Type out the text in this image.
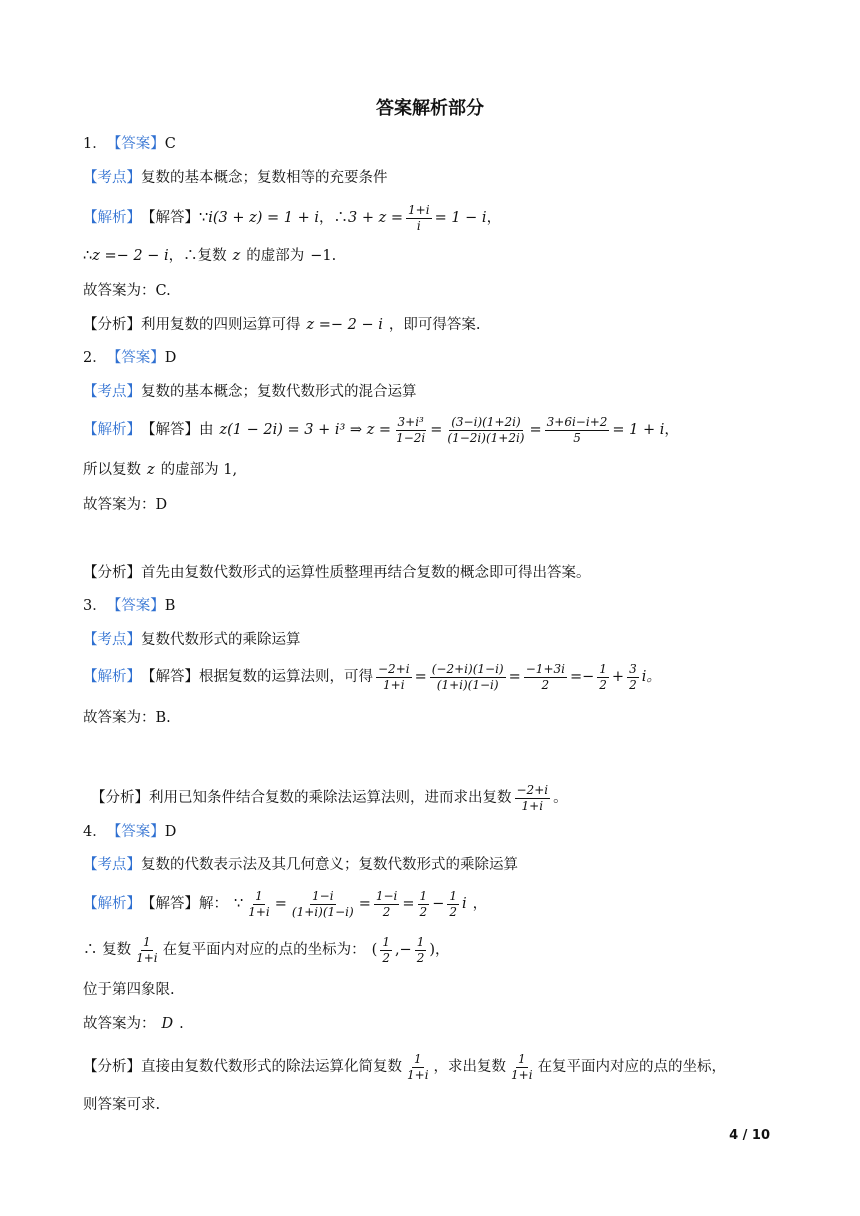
答案解析部分
1． 【答案】 C
【考点】 复数的基本概念；复数相等的充要条件
【解析】 【解答】 ∵ i(3 + z) = 1 + i ，∴ $3 + z = \frac{1+i}{i} = 1 - i$ ，
∴ z =− 2 − i ，∴复数 z 的虚部为 −1 .
故答案为：C.
【分析】 利用复数的四则运算可得 z =− 2 − i ，即可得答案.
2． 【答案】 D
【考点】 复数的基本概念；复数代数形式的混合运算
【解析】 【解答】 由 z(1 − 2i) = 3 + i³ ⇒ $z = \frac{\text{3+i³}}{1-2i} = \frac{(3-i)(1+2i)}{(1-2i)(1+2i)} = \frac{3+6i-i+2}{5} = 1 + i$ ，
所以复数 z 的虚部为 1,
故答案为：D
【分析】 首先由复数代数形式的运算性质整理再结合复数的概念即可得出答案。
3． 【答案】 B
【考点】 复数代数形式的乘除运算
【解析】 【解答】 根据复数的运算法则，可得 $\frac{-2+i}{1+i} = \frac{(-2+i)(1-i)}{(1+i)(1-i)} = \frac{-1+3i}{2} =- \frac{1}{2} + \frac{3}{2}$ i。
故答案为：B.
【分析】 利用已知条件结合复数的乘除法运算法则，进而求出复数 $\frac{-2+i}{1+i}$ 。
4． 【答案】 D
【考点】 复数的代数表示法及其几何意义；复数代数形式的乘除运算
【解析】 【解答】 解： ∵ $\frac{1}{1+i} = \frac{1-i}{(1+i)(1-i)} = \frac{1-i}{2} = \frac{1}{2} - \frac{1}{2}$ i ，
∴ 复数 $\frac{1}{1+i}$ 在复平面内对应的点的坐标为： ( $\frac{1}{2}$ ,− $\frac{1}{2}$ ) ，
位于第四象限.
故答案为： D .
【分析】 直接由复数代数形式的除法运算化简复数 $\frac{1}{1+i}$ ，求出复数 $\frac{1}{1+i}$ 在复平面内对应的点的坐标，
则答案可求.
4 / 10
